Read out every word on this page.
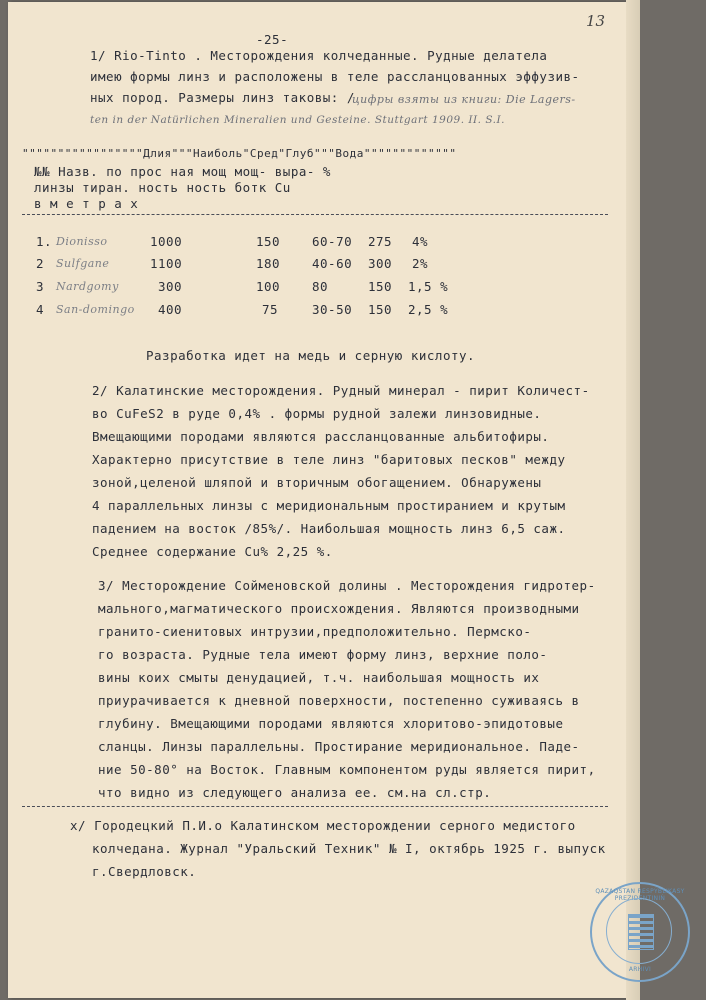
13
-25-
1/ Rio-Tinto . Месторождения колчеданные. Рудные делатела
имею формы линз и расположены в теле рассланцованных эффузив-
ных пород. Размеры линз таковы: /
цифры взяты из книги: Die Lagers-
ten in der Natürlichen Mineralien und Gesteine. Stuttgart 1909. II. S.I.
"""""""""""""""""Длия"""Наиболь"Сред"Глуб"""Вода"""""""""""""
№№ Назв. по прос ная мощ мощ- выра- %
линзы тиран. ность ность ботк Cu
в м е т р а х
1. Dionisso	1000	150	60-70 275 4%
2 Sulfgane	1100	180	40-60 300 2%
3 Nardgomy	300	100	80	150 1,5 %
4 San-domingo 400	75	30-50 150 2,5 %
Разработка идет на медь и серную кислоту.
2/ Калатинские месторождения. Рудный минерал - пирит Количест-
во CuFeS2 в руде 0,4% . формы рудной залежи линзовидные.
Вмещающими породами являются рассланцованные альбитофиры.
Характерно присутствие в теле линз "баритовых песков" между
зоной,целеной шляпой и вторичным обогащением. Обнаружены
4 параллельных линзы с меридиональным простиранием и крутым
падением на восток /85%/. Наибольшая мощность линз 6,5 саж.
Среднее содержание Cu% 2,25 %.
3/ Месторождение Сойменовской долины . Месторождения гидротер-
мального,магматического происхождения. Являются производными
гранито-сиенитовых интрузии,предположительно. Пермско-
го возраста. Рудные тела имеют форму линз, верхние поло-
вины коих смыты денудацией, т.ч. наибольшая мощность их
приурачивается к дневной поверхности, постепенно суживаясь в
глубину. Вмещающими породами являются хлоритово-эпидотовые
сланцы. Линзы параллельны. Простирание меридиональное. Паде-
ние 50-80° на Восток. Главным компонентом руды является пирит,
что видно из следующего анализа ее. см.на сл.стр.
x/ Городецкий П.И.о Калатинском месторождении серного медистого
колчедана. Журнал "Уральский Техник" № I, октябрь 1925 г. выпуск
г.Свердловск.
QAZAQSTAN RESPÝBLIKASY PREZIDENTINIŃ
ARHIVI
